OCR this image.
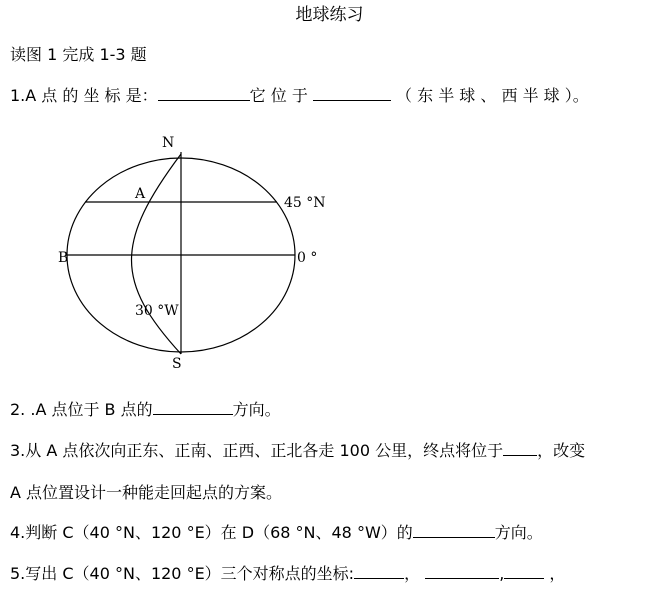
地球练习
读图 1 完成 1-3 题
1.A 点 的 坐 标 是：	它 位 于	（ 东 半 球 、 西 半 球 ）。
N
S
A
B
45 °N
0 °
30 °W
2. .A 点位于 B 点的	方向。
3.从 A 点依次向正东、正南、正西、正北各走 100 公里，终点将位于 ，改变
A 点位置设计一种能走回起点的方案。
4.判断 C（40 °N、120 °E）在 D（68 °N、48 °W）的	方向。
5.写出 C（40 °N、120 °E）三个对称点的坐标:	，	,	，
